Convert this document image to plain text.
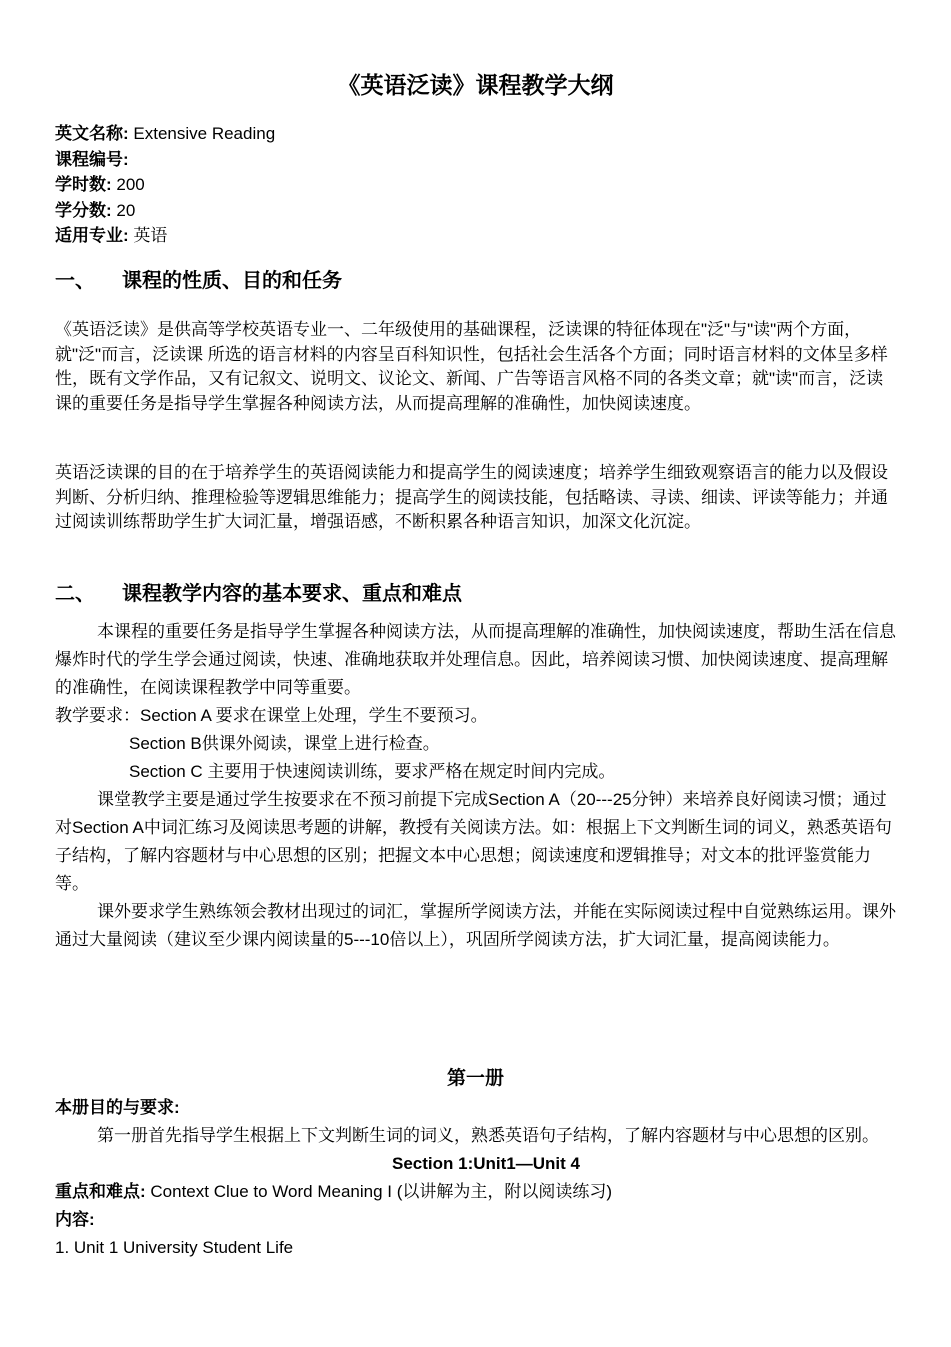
《英语泛读》课程教学大纲
英文名称: Extensive Reading
课程编号:
学时数: 200
学分数: 20
适用专业: 英语
一、 课程的性质、目的和任务

《英语泛读》是供高等学校英语专业一、二年级使用的基础课程，泛读课的特征体现在"泛"与"读"两个方面，就"泛"而言，泛读课 所选的语言材料的内容呈百科知识性，包括社会生活各个方面；同时语言材料的文体呈多样性，既有文学作品，又有记叙文、说明文、议论文、新闻、广告等语言风格不同的各类文章；就"读"而言，泛读课的重要任务是指导学生掌握各种阅读方法，从而提高理解的准确性，加快阅读速度。

英语泛读课的目的在于培养学生的英语阅读能力和提高学生的阅读速度；培养学生细致观察语言的能力以及假设判断、分析归纳、推理检验等逻辑思维能力；提高学生的阅读技能，包括略读、寻读、细读、评读等能力；并通过阅读训练帮助学生扩大词汇量，增强语感，不断积累各种语言知识，加深文化沉淀。

二、 课程教学内容的基本要求、重点和难点
本课程的重要任务是指导学生掌握各种阅读方法，从而提高理解的准确性，加快阅读速度，帮助生活在信息爆炸时代的学生学会通过阅读，快速、准确地获取并处理信息。因此，培养阅读习惯、加快阅读速度、提高理解的准确性，在阅读课程教学中同等重要。
教学要求：Section A 要求在课堂上处理，学生不要预习。
Section B供课外阅读，课堂上进行检查。
Section C 主要用于快速阅读训练，要求严格在规定时间内完成。
课堂教学主要是通过学生按要求在不预习前提下完成Section A（20---25分钟）来培养良好阅读习惯；通过对Section A中词汇练习及阅读思考题的讲解，教授有关阅读方法。如：根据上下文判断生词的词义，熟悉英语句子结构，了解内容题材与中心思想的区别；把握文本中心思想；阅读速度和逻辑推导；对文本的批评鉴赏能力等。
课外要求学生熟练领会教材出现过的词汇，掌握所学阅读方法，并能在实际阅读过程中自觉熟练运用。课外通过大量阅读（建议至少课内阅读量的5---10倍以上），巩固所学阅读方法，扩大词汇量，提高阅读能力。
第一册
本册目的与要求:
第一册首先指导学生根据上下文判断生词的词义，熟悉英语句子结构，了解内容题材与中心思想的区别。
Section 1:Unit1—Unit 4
重点和难点: Context Clue to Word Meaning I (以讲解为主，附以阅读练习)
内容:
1. Unit 1 University Student Life
